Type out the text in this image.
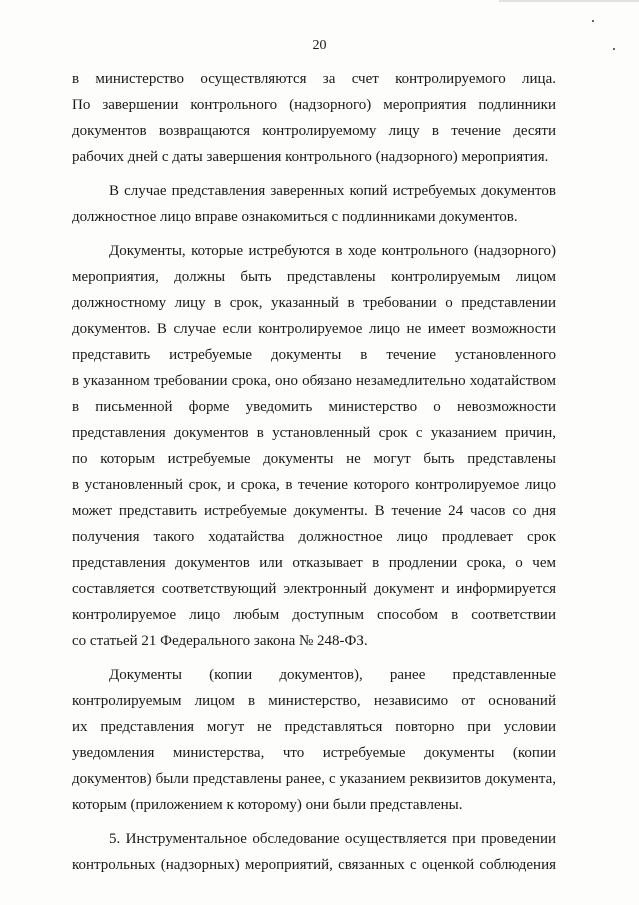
20
в министерство осуществляются за счет контролируемого лица.
По завершении контрольного (надзорного) мероприятия подлинники
документов возвращаются контролируемому лицу в течение десяти
рабочих дней с даты завершения контрольного (надзорного) мероприятия.
В случае представления заверенных копий истребуемых документов
должностное лицо вправе ознакомиться с подлинниками документов.
Документы, которые истребуются в ходе контрольного (надзорного)
мероприятия, должны быть представлены контролируемым лицом
должностному лицу в срок, указанный в требовании о представлении
документов. В случае если контролируемое лицо не имеет возможности
представить истребуемые документы в течение установленного
в указанном требовании срока, оно обязано незамедлительно ходатайством
в письменной форме уведомить министерство о невозможности
представления документов в установленный срок с указанием причин,
по которым истребуемые документы не могут быть представлены
в установленный срок, и срока, в течение которого контролируемое лицо
может представить истребуемые документы. В течение 24 часов со дня
получения такого ходатайства должностное лицо продлевает срок
представления документов или отказывает в продлении срока, о чем
составляется соответствующий электронный документ и информируется
контролируемое лицо любым доступным способом в соответствии
со статьей 21 Федерального закона № 248-ФЗ.
Документы (копии документов), ранее представленные
контролируемым лицом в министерство, независимо от оснований
их представления могут не представляться повторно при условии
уведомления министерства, что истребуемые документы (копии
документов) были представлены ранее, с указанием реквизитов документа,
которым (приложением к которому) они были представлены.
5. Инструментальное обследование осуществляется при проведении
контрольных (надзорных) мероприятий, связанных с оценкой соблюдения
